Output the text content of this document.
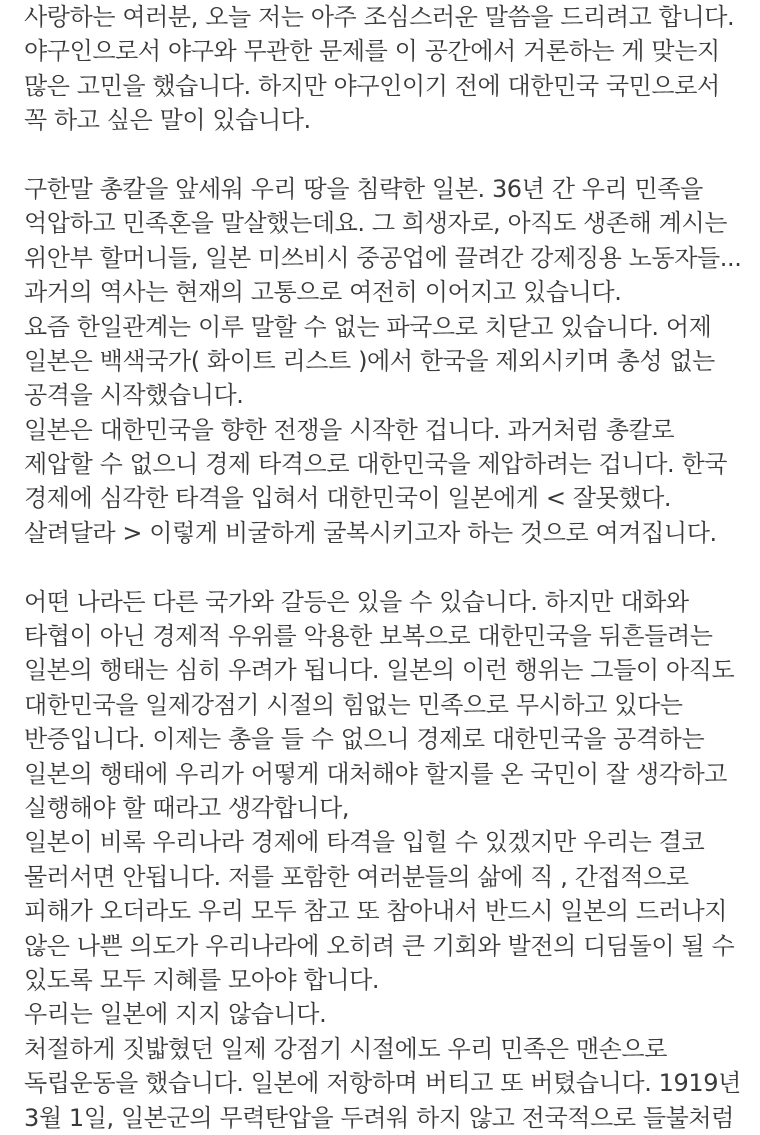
사랑하는 여러분, 오늘 저는 아주 조심스러운 말씀을 드리려고 합니다.
야구인으로서 야구와 무관한 문제를 이 공간에서 거론하는 게 맞는지
많은 고민을 했습니다. 하지만 야구인이기 전에 대한민국 국민으로서
꼭 하고 싶은 말이 있습니다.
구한말 총칼을 앞세워 우리 땅을 침략한 일본. 36년 간 우리 민족을
억압하고 민족혼을 말살했는데요. 그 희생자로, 아직도 생존해 계시는
위안부 할머니들, 일본 미쓰비시 중공업에 끌려간 강제징용 노동자들...
과거의 역사는 현재의 고통으로 여전히 이어지고 있습니다.
요즘 한일관계는 이루 말할 수 없는 파국으로 치닫고 있습니다. 어제
일본은 백색국가( 화이트 리스트 )에서 한국을 제외시키며 총성 없는
공격을 시작했습니다.
일본은 대한민국을 향한 전쟁을 시작한 겁니다. 과거처럼 총칼로
제압할 수 없으니 경제 타격으로 대한민국을 제압하려는 겁니다. 한국
경제에 심각한 타격을 입혀서 대한민국이 일본에게 < 잘못했다.
살려달라 > 이렇게 비굴하게 굴복시키고자 하는 것으로 여겨집니다.
어떤 나라든 다른 국가와 갈등은 있을 수 있습니다. 하지만 대화와
타협이 아닌 경제적 우위를 악용한 보복으로 대한민국을 뒤흔들려는
일본의 행태는 심히 우려가 됩니다. 일본의 이런 행위는 그들이 아직도
대한민국을 일제강점기 시절의 힘없는 민족으로 무시하고 있다는
반증입니다. 이제는 총을 들 수 없으니 경제로 대한민국을 공격하는
일본의 행태에 우리가 어떻게 대처해야 할지를 온 국민이 잘 생각하고
실행해야 할 때라고 생각합니다,
일본이 비록 우리나라 경제에 타격을 입힐 수 있겠지만 우리는 결코
물러서면 안됩니다. 저를 포함한 여러분들의 삶에 직 , 간접적으로
피해가 오더라도 우리 모두 참고 또 참아내서 반드시 일본의 드러나지
않은 나쁜 의도가 우리나라에 오히려 큰 기회와 발전의 디딤돌이 될 수
있도록 모두 지혜를 모아야 합니다.
우리는 일본에 지지 않습니다.
처절하게 짓밟혔던 일제 강점기 시절에도 우리 민족은 맨손으로
독립운동을 했습니다. 일본에 저항하며 버티고 또 버텼습니다. 1919년
3월 1일, 일본군의 무력탄압을 두려워 하지 않고 전국적으로 들불처럼
